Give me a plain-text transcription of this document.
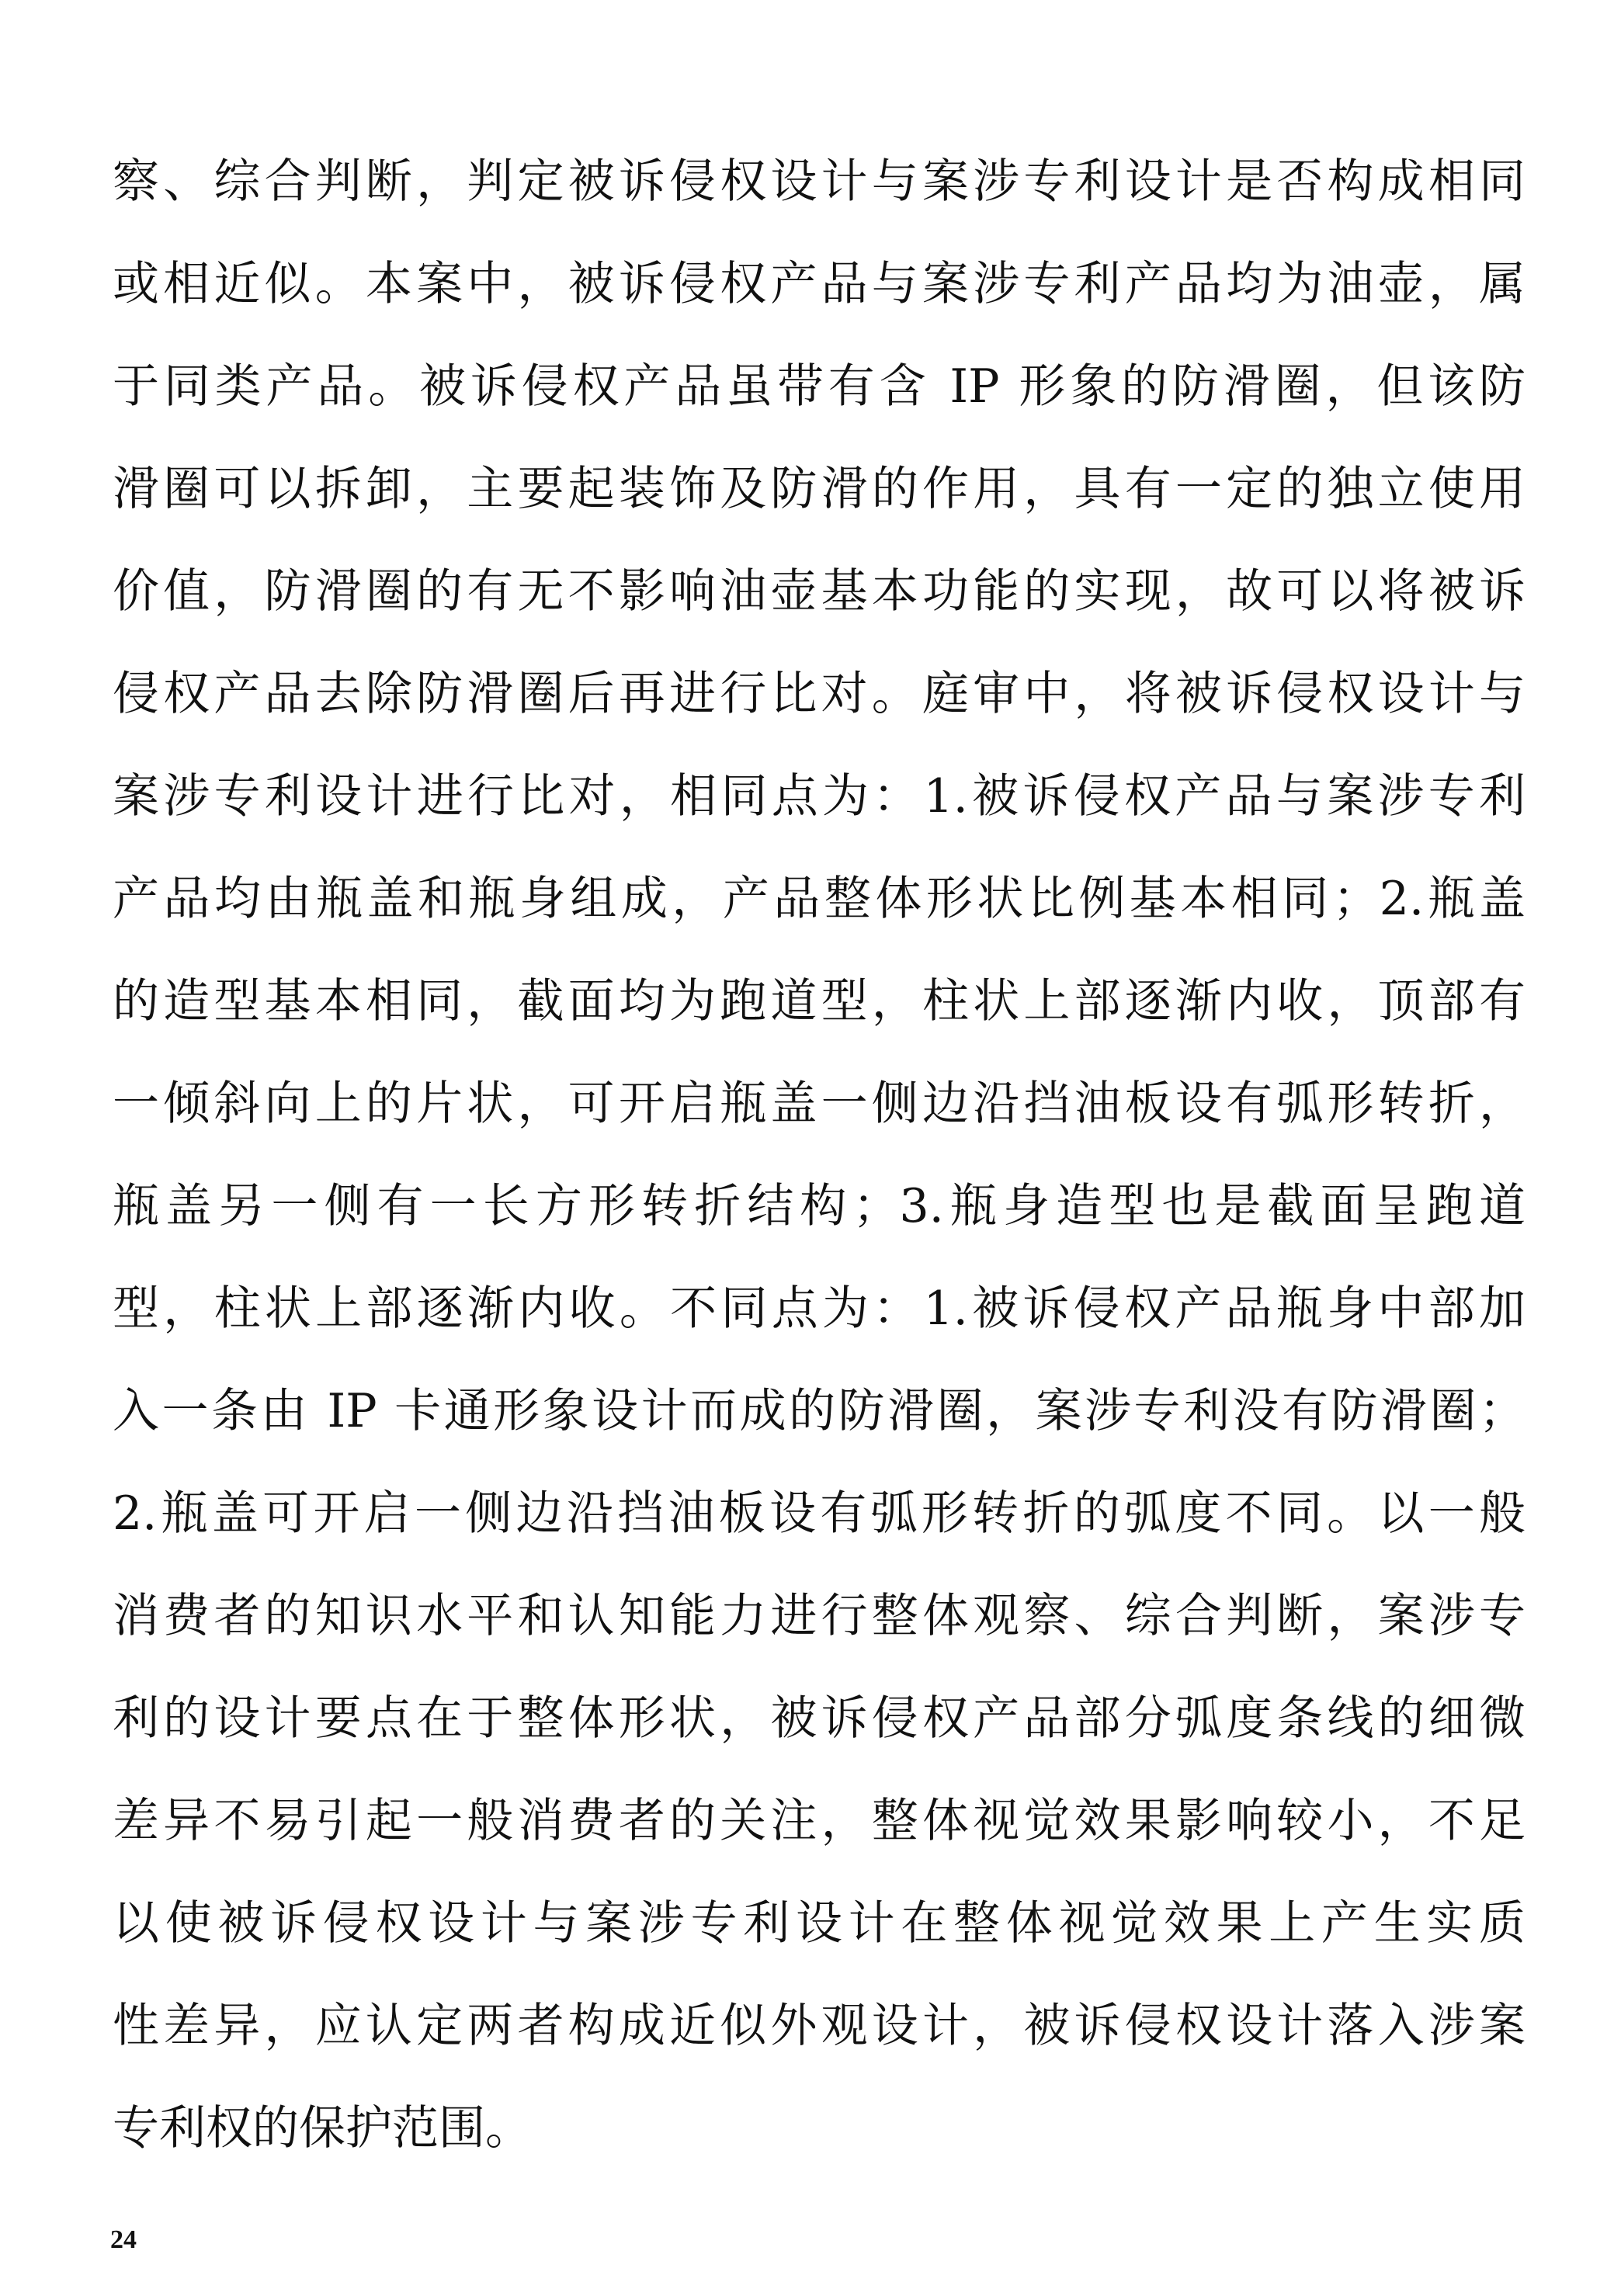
察、综合判断，判定被诉侵权设计与案涉专利设计是否构成相同
或相近似。本案中，被诉侵权产品与案涉专利产品均为油壶，属
于同类产品。被诉侵权产品虽带有含 IP 形象的防滑圈，但该防
滑圈可以拆卸，主要起装饰及防滑的作用，具有一定的独立使用
价值，防滑圈的有无不影响油壶基本功能的实现，故可以将被诉
侵权产品去除防滑圈后再进行比对。庭审中，将被诉侵权设计与
案涉专利设计进行比对，相同点为：1.被诉侵权产品与案涉专利
产品均由瓶盖和瓶身组成，产品整体形状比例基本相同；2.瓶盖
的造型基本相同，截面均为跑道型，柱状上部逐渐内收，顶部有
一倾斜向上的片状，可开启瓶盖一侧边沿挡油板设有弧形转折，
瓶盖另一侧有一长方形转折结构；3.瓶身造型也是截面呈跑道
型，柱状上部逐渐内收。不同点为：1.被诉侵权产品瓶身中部加
入一条由 IP 卡通形象设计而成的防滑圈，案涉专利没有防滑圈；
2.瓶盖可开启一侧边沿挡油板设有弧形转折的弧度不同。以一般
消费者的知识水平和认知能力进行整体观察、综合判断，案涉专
利的设计要点在于整体形状，被诉侵权产品部分弧度条线的细微
差异不易引起一般消费者的关注，整体视觉效果影响较小，不足
以使被诉侵权设计与案涉专利设计在整体视觉效果上产生实质
性差异，应认定两者构成近似外观设计，被诉侵权设计落入涉案
专利权的保护范围。
24
